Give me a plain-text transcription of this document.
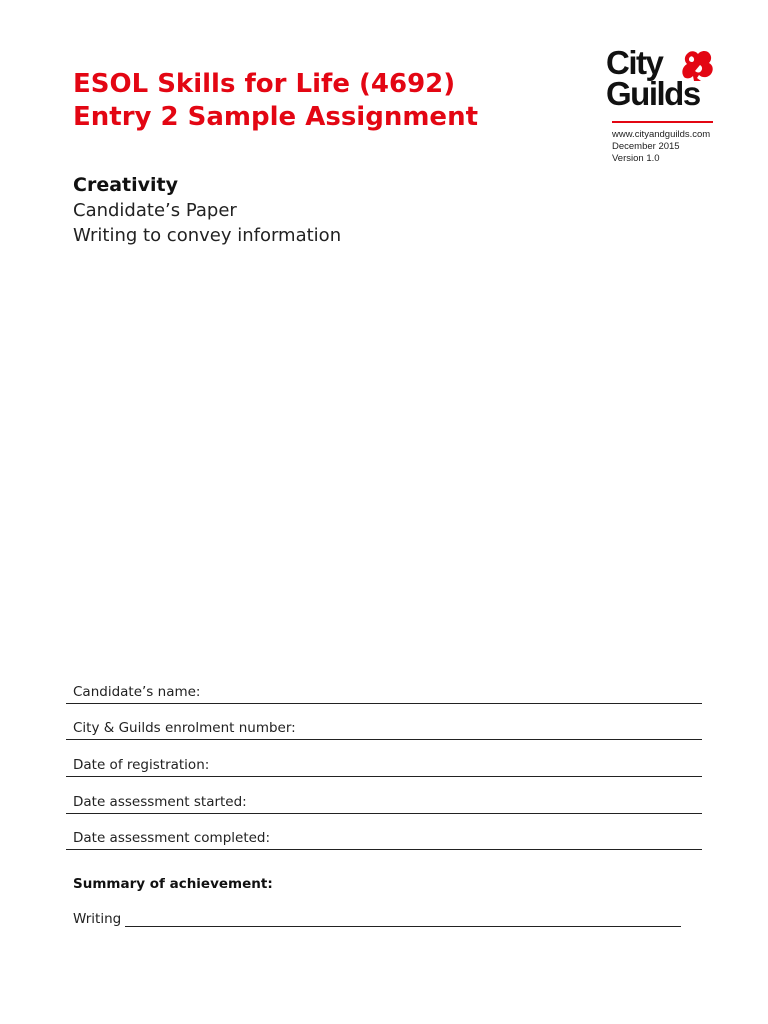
ESOL Skills for Life (4692)
Entry 2 Sample Assignment
City
Guilds
www.cityandguilds.com
December 2015
Version 1.0
Creativity
Candidate’s Paper
Writing to convey information
Candidate’s name:
City & Guilds enrolment number:
Date of registration:
Date assessment started:
Date assessment completed:
Summary of achievement:
Writing
